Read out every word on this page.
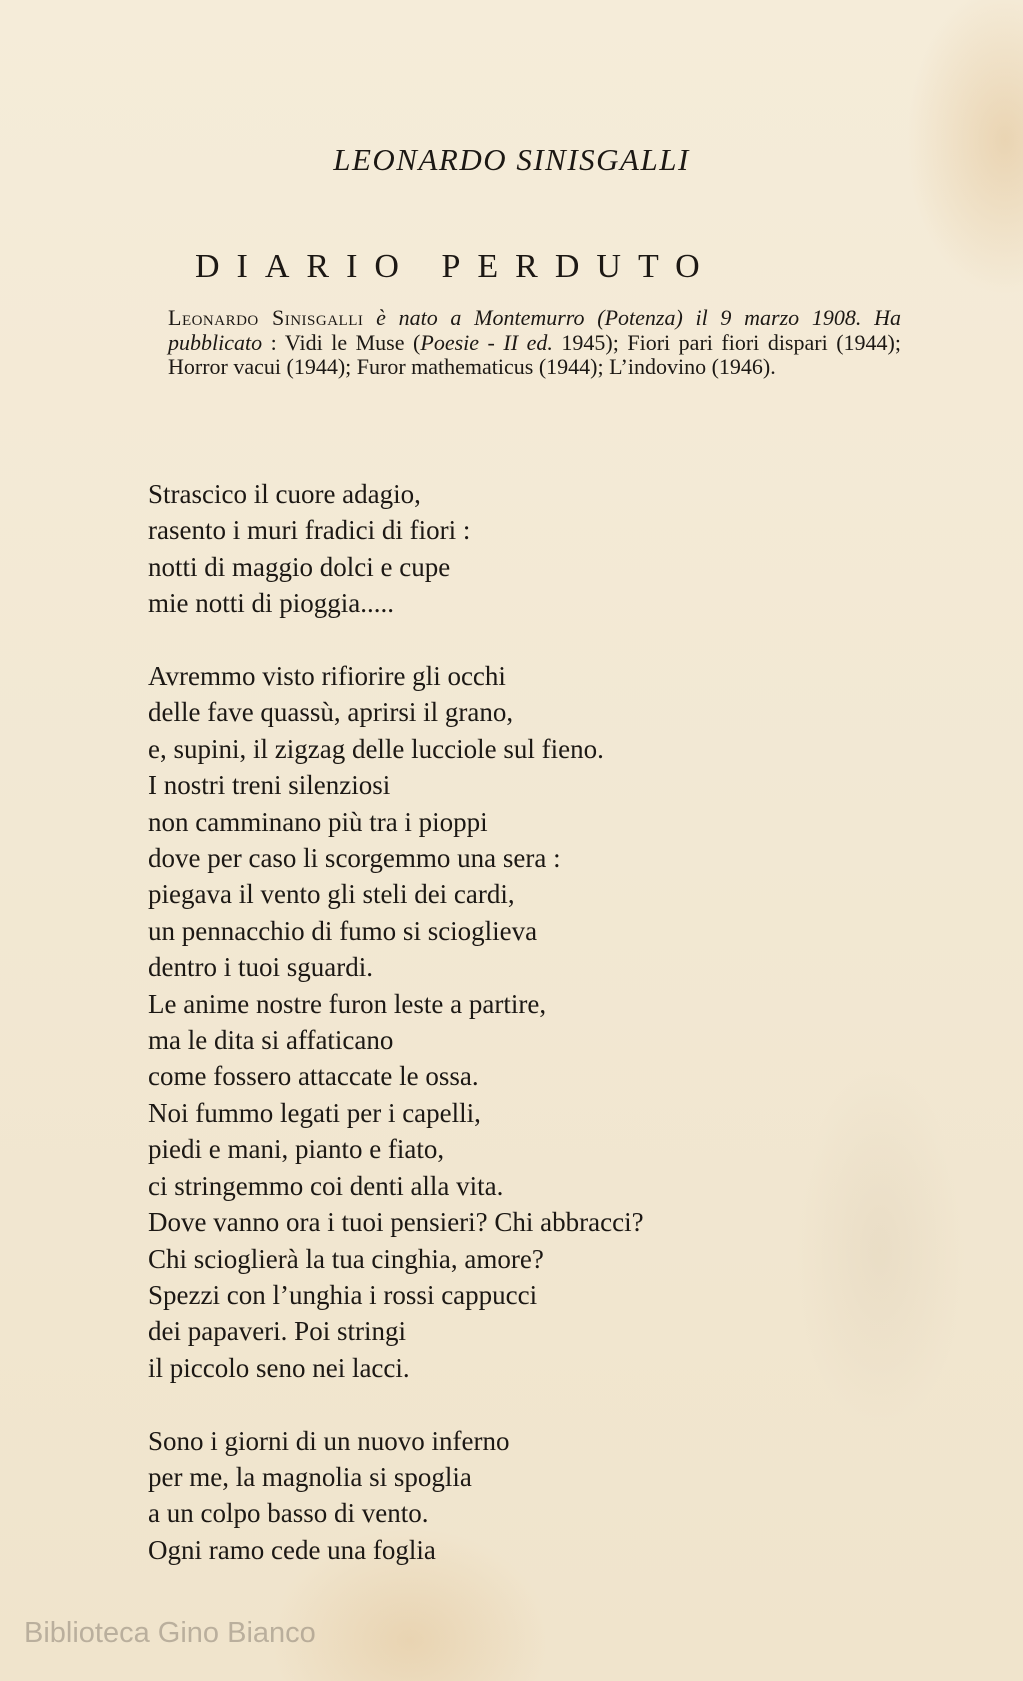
LEONARDO SINISGALLI
DIARIO PERDUTO

Leonardo Sinisgalli è nato a Montemurro (Potenza) il 9 marzo 1908. Ha pubblicato : Vidi le Muse (Poesie - II ed. 1945); Fiori pari fiori dispari (1944); Horror vacui (1944); Furor mathematicus (1944); L’indovino (1946).

Strascico il cuore adagio,
rasento i muri fradici di fiori :
notti di maggio dolci e cupe
mie notti di pioggia.....
Avremmo visto rifiorire gli occhi
delle fave quassù, aprirsi il grano,
e, supini, il zigzag delle lucciole sul fieno.
I nostri treni silenziosi
non camminano più tra i pioppi
dove per caso li scorgemmo una sera :
piegava il vento gli steli dei cardi,
un pennacchio di fumo si scioglieva
dentro i tuoi sguardi.
Le anime nostre furon leste a partire,
ma le dita si affaticano
come fossero attaccate le ossa.
Noi fummo legati per i capelli,
piedi e mani, pianto e fiato,
ci stringemmo coi denti alla vita.
Dove vanno ora i tuoi pensieri? Chi abbracci?
Chi scioglierà la tua cinghia, amore?
Spezzi con l’unghia i rossi cappucci
dei papaveri. Poi stringi
il piccolo seno nei lacci.
Sono i giorni di un nuovo inferno
per me, la magnolia si spoglia
a un colpo basso di vento.
Ogni ramo cede una foglia
Biblioteca Gino Bianco
